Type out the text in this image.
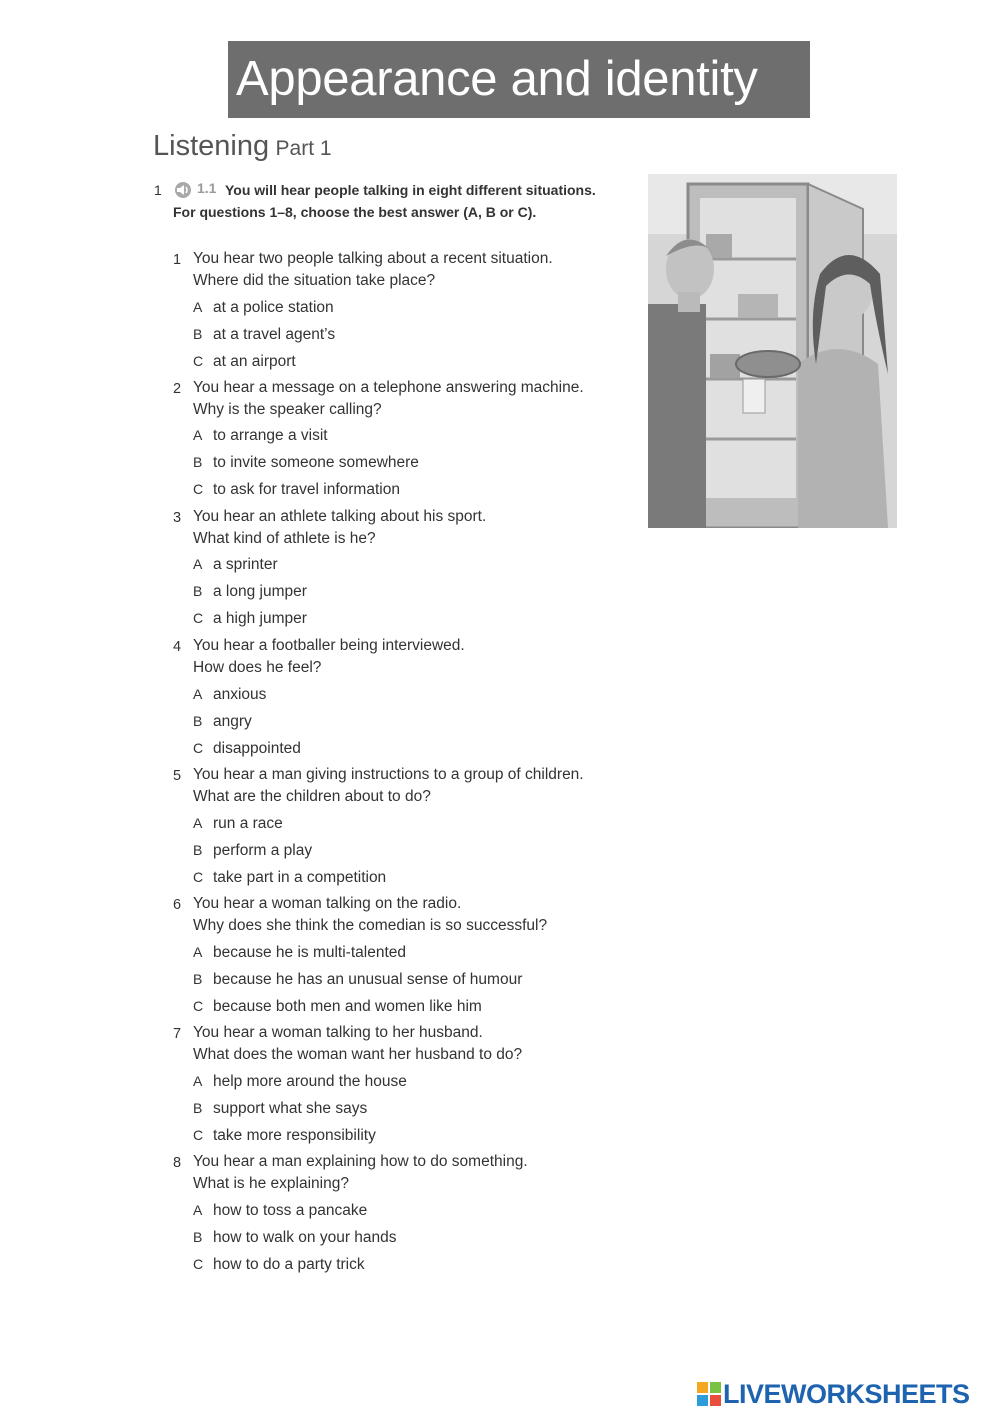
Appearance and identity
Listening Part 1
1	1.1 You will hear people talking in eight different situations. For questions 1–8, choose the best answer (A, B or C).

1 You hear two people talking about a recent situation.
Where did the situation take place?

A at a police station
B at a travel agent’s
C at an airport
2 You hear a message on a telephone answering machine.
Why is the speaker calling?

A to arrange a visit
B to invite someone somewhere
C to ask for travel information
3 You hear an athlete talking about his sport.
What kind of athlete is he?

A a sprinter
B a long jumper
C a high jumper
4 You hear a footballer being interviewed.
How does he feel?

A anxious
B angry
C disappointed
5 You hear a man giving instructions to a group of children.
What are the children about to do?

A run a race
B perform a play
C take part in a competition
6 You hear a woman talking on the radio.
Why does she think the comedian is so successful?

A because he is multi-talented
B because he has an unusual sense of humour
C because both men and women like him
7 You hear a woman talking to her husband.
What does the woman want her husband to do?

A help more around the house
B support what she says
C take more responsibility
8 You hear a man explaining how to do something.
What is he explaining?

A how to toss a pancake
B how to walk on your hands
C how to do a party trick
LIVEWORKSHEETS
